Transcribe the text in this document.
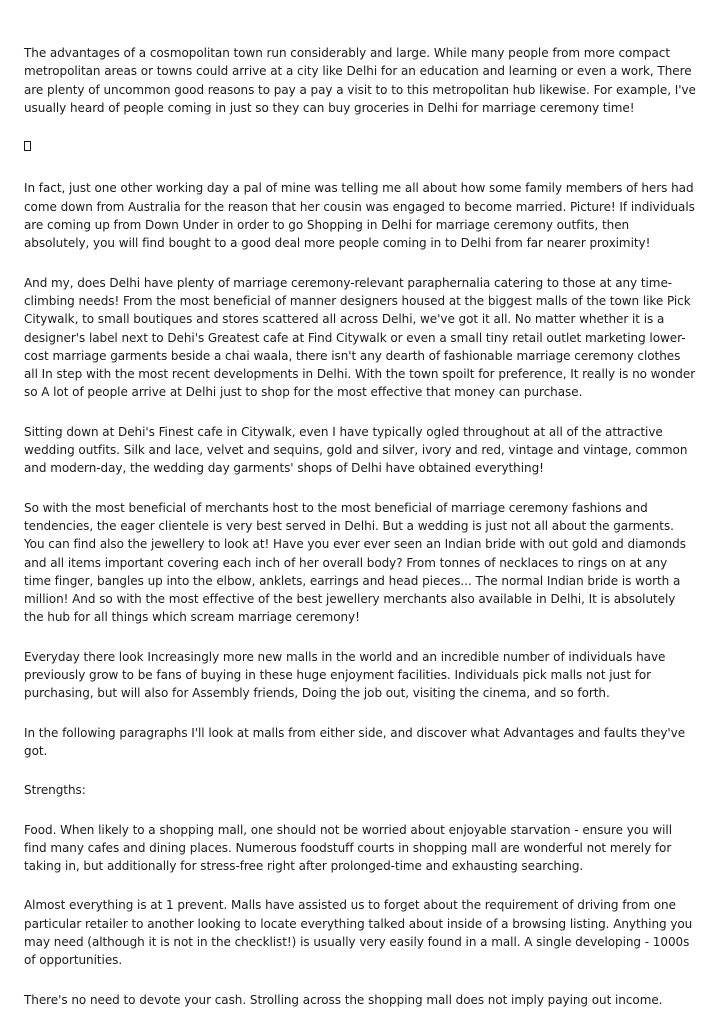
The advantages of a cosmopolitan town run considerably and large. While many people from more compact metropolitan areas or towns could arrive at a city like Delhi for an education and learning or even a work, There are plenty of uncommon good reasons to pay a pay a visit to to this metropolitan hub likewise. For example, I've usually heard of people coming in just so they can buy groceries in Delhi for marriage ceremony time!

In fact, just one other working day a pal of mine was telling me all about how some family members of hers had come down from Australia for the reason that her cousin was engaged to become married. Picture! If individuals are coming up from Down Under in order to go Shopping in Delhi for marriage ceremony outfits, then absolutely, you will find bought to a good deal more people coming in to Delhi from far nearer proximity!

And my, does Delhi have plenty of marriage ceremony-relevant paraphernalia catering to those at any time-climbing needs! From the most beneficial of manner designers housed at the biggest malls of the town like Pick Citywalk, to small boutiques and stores scattered all across Delhi, we've got it all. No matter whether it is a designer's label next to Dehi's Greatest cafe at Find Citywalk or even a small tiny retail outlet marketing lower-cost marriage garments beside a chai waala, there isn't any dearth of fashionable marriage ceremony clothes all In step with the most recent developments in Delhi. With the town spoilt for preference, It really is no wonder so A lot of people arrive at Delhi just to shop for the most effective that money can purchase.

Sitting down at Dehi's Finest cafe in Citywalk, even I have typically ogled throughout at all of the attractive wedding outfits. Silk and lace, velvet and sequins, gold and silver, ivory and red, vintage and vintage, common and modern-day, the wedding day garments' shops of Delhi have obtained everything!

So with the most beneficial of merchants host to the most beneficial of marriage ceremony fashions and tendencies, the eager clientele is very best served in Delhi. But a wedding is just not all about the garments. You can find also the jewellery to look at! Have you ever ever seen an Indian bride with out gold and diamonds and all items important covering each inch of her overall body? From tonnes of necklaces to rings on at any time finger, bangles up into the elbow, anklets, earrings and head pieces... The normal Indian bride is worth a million! And so with the most effective of the best jewellery merchants also available in Delhi, It is absolutely the hub for all things which scream marriage ceremony!

Everyday there look Increasingly more new malls in the world and an incredible number of individuals have previously grow to be fans of buying in these huge enjoyment facilities. Individuals pick malls not just for purchasing, but will also for Assembly friends, Doing the job out, visiting the cinema, and so forth.

In the following paragraphs I'll look at malls from either side, and discover what Advantages and faults they've got.

Strengths:

Food. When likely to a shopping mall, one should not be worried about enjoyable starvation - ensure you will find many cafes and dining places. Numerous foodstuff courts in shopping mall are wonderful not merely for taking in, but additionally for stress-free right after prolonged-time and exhausting searching.

Almost everything is at 1 prevent. Malls have assisted us to forget about the requirement of driving from one particular retailer to another looking to locate everything talked about inside of a browsing listing. Anything you may need (although it is not in the checklist!) is usually very easily found in a mall. A single developing - 1000s of opportunities.

There's no need to devote your cash. Strolling across the shopping mall does not imply paying out income.
